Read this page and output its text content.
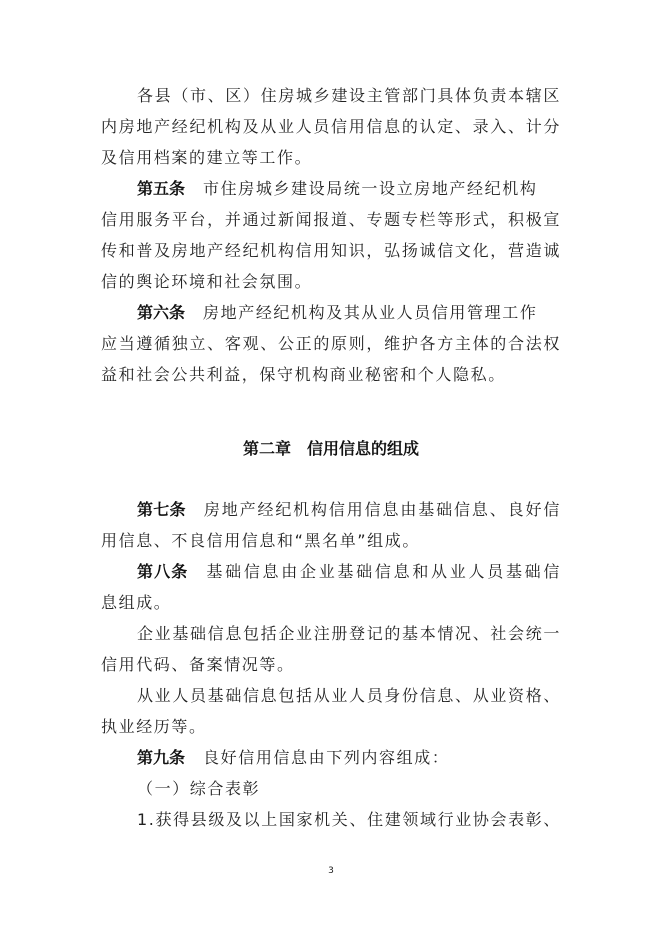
各县（市、区）住房城乡建设主管部门具体负责本辖区
内房地产经纪机构及从业人员信用信息的认定、录入、计分
及信用档案的建立等工作。
第五条 市住房城乡建设局统一设立房地产经纪机构
信用服务平台，并通过新闻报道、专题专栏等形式，积极宣
传和普及房地产经纪机构信用知识，弘扬诚信文化，营造诚
信的舆论环境和社会氛围。
第六条 房地产经纪机构及其从业人员信用管理工作
应当遵循独立、客观、公正的原则，维护各方主体的合法权
益和社会公共利益，保守机构商业秘密和个人隐私。
第七条 房地产经纪机构信用信息由基础信息、良好信
用信息、不良信用信息和“黑名单”组成。
第八条 基础信息由企业基础信息和从业人员基础信
息组成。
企业基础信息包括企业注册登记的基本情况、社会统一
信用代码、备案情况等。
从业人员基础信息包括从业人员身份信息、从业资格、
执业经历等。
第九条 良好信用信息由下列内容组成：
（一）综合表彰
1.获得县级及以上国家机关、住建领域行业协会表彰、
第二章　信用信息的组成
3
